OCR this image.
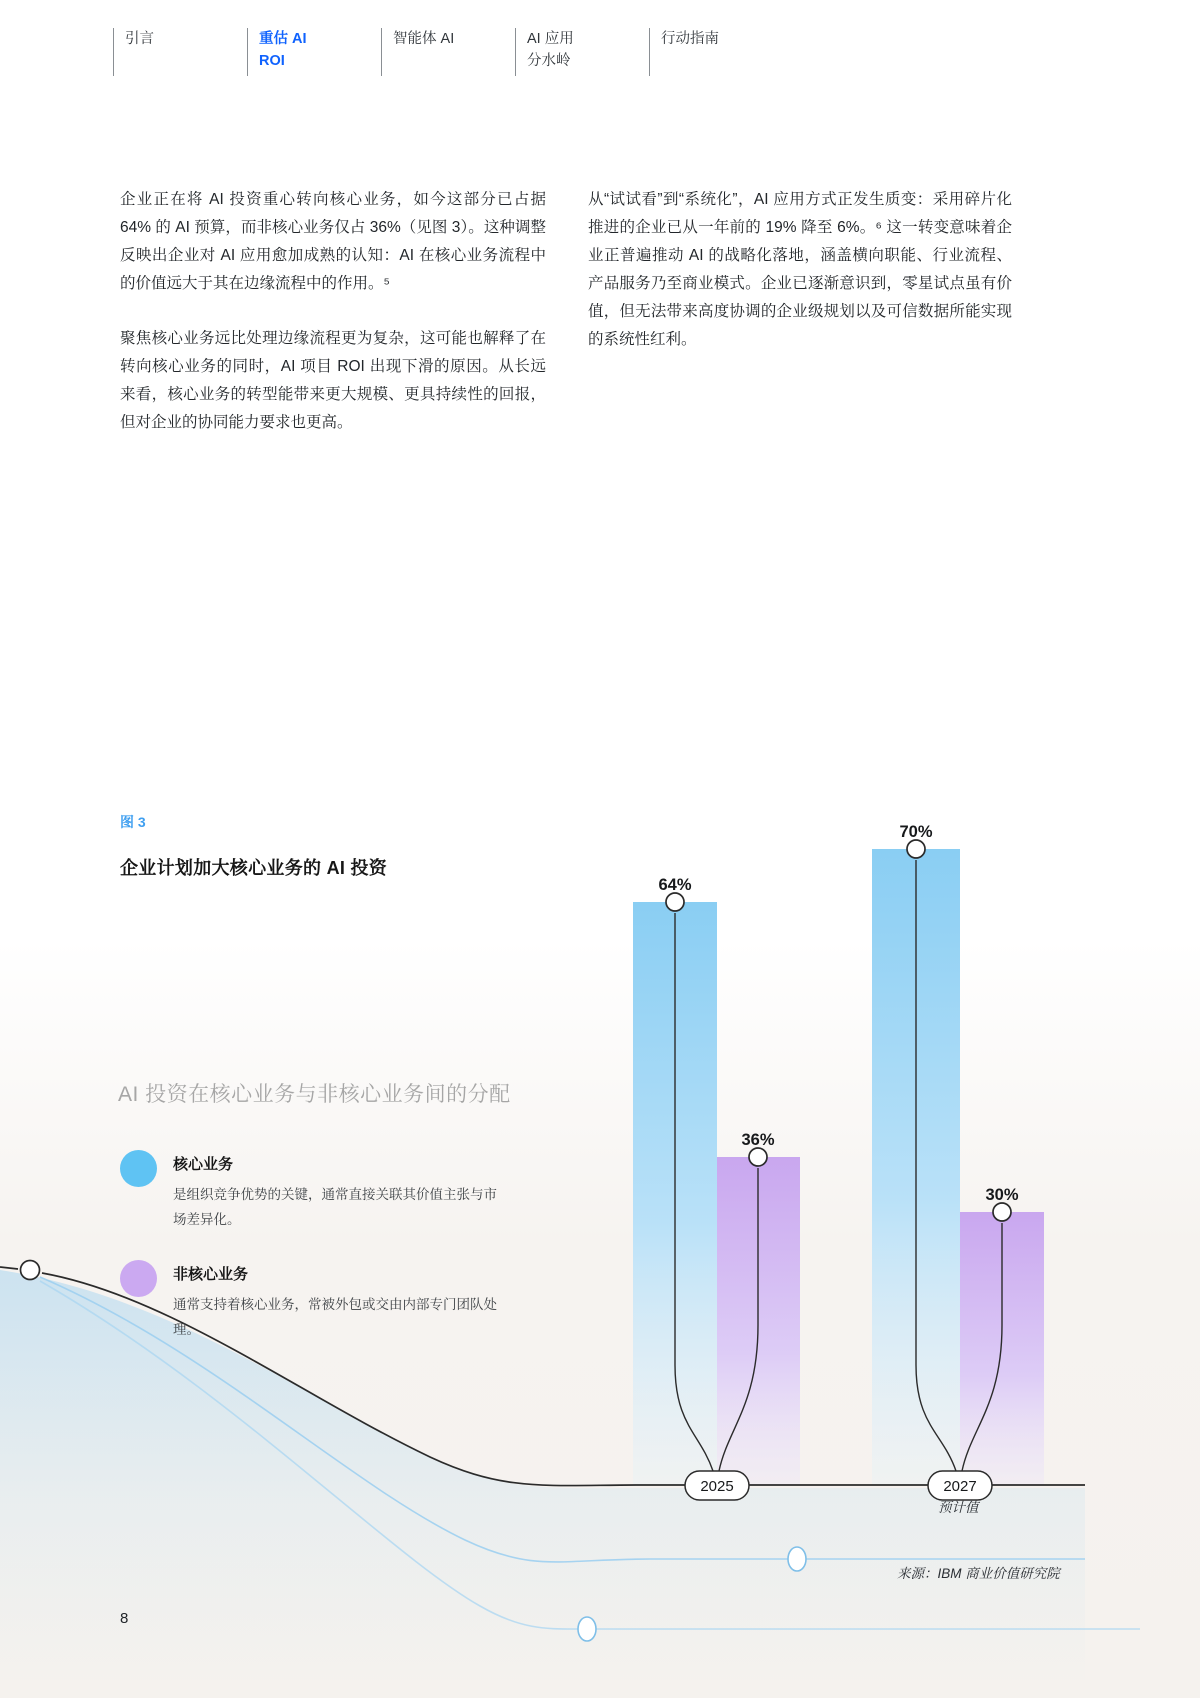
引言	重估 AI
ROI
智能体 AI	AI 应用
分水岭
行动指南

企业正在将 AI 投资重心转向核心业务，如今这部分已占据 64% 的 AI 预算，而非核心业务仅占 36%（见图 3）。这种调整反映出企业对 AI 应用愈加成熟的认知：AI 在核心业务流程中的价值远大于其在边缘流程中的作用。⁵

聚焦核心业务远比处理边缘流程更为复杂，这可能也解释了在转向核心业务的同时，AI 项目 ROI 出现下滑的原因。从长远来看，核心业务的转型能带来更大规模、更具持续性的回报，但对企业的协同能力要求也更高。

从“试试看”到“系统化”，AI 应用方式正发生质变：采用碎片化推进的企业已从一年前的 19% 降至 6%。⁶ 这一转变意味着企业正普遍推动 AI 的战略化落地，涵盖横向职能、行业流程、产品服务乃至商业模式。企业已逐渐意识到，零星试点虽有价值，但无法带来高度协调的企业级规划以及可信数据所能实现的系统性红利。

64%
36%
70%
30%
2025	2027
图 3
企业计划加大核心业务的 AI 投资
AI 投资在核心业务与非核心业务间的分配
核心业务
是组织竞争优势的关键，通常直接关联其价值主张与市场差异化。
非核心业务
通常支持着核心业务，常被外包或交由内部专门团队处理。
预计值
来源：IBM 商业价值研究院
8
